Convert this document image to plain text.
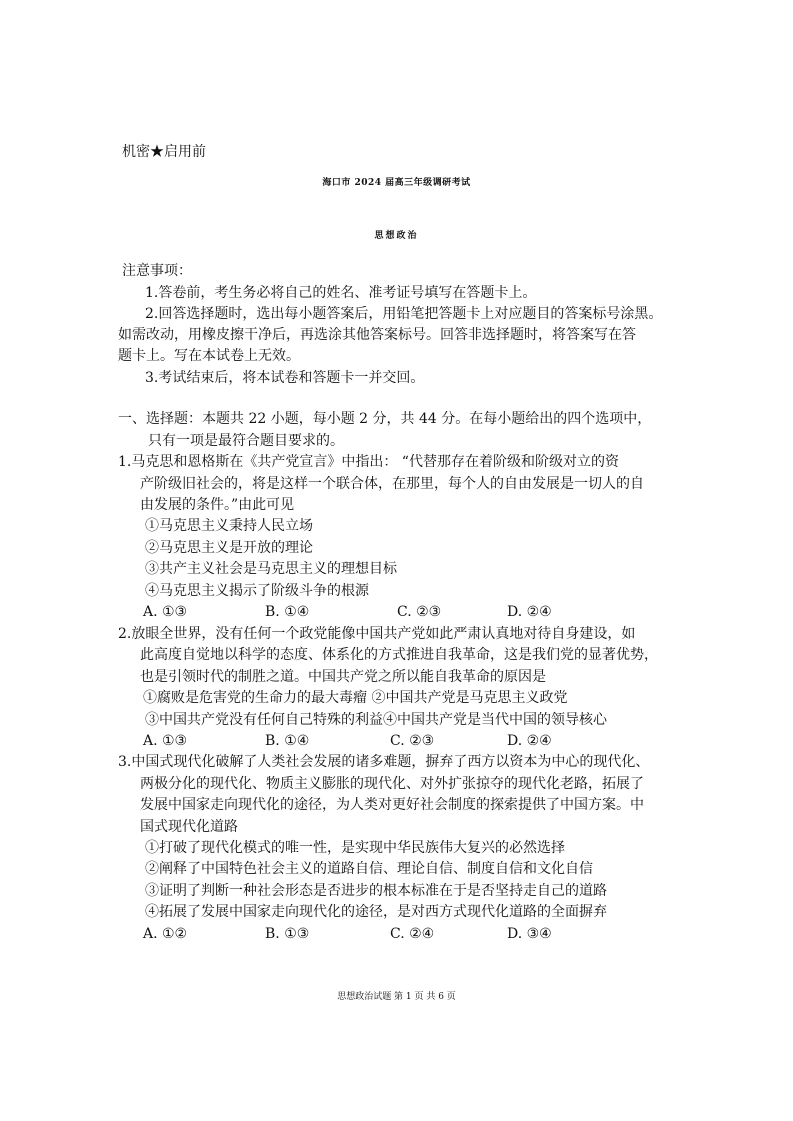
机密★启用前
海口市 2024 届高三年级调研考试
思想政治
注意事项：
1.答卷前，考生务必将自己的姓名、准考证号填写在答题卡上。
2.回答选择题时，选出每小题答案后，用铅笔把答题卡上对应题目的答案标号涂黑。
如需改动，用橡皮擦干净后，再选涂其他答案标号。回答非选择题时，将答案写在答
题卡上。写在本试卷上无效。
3.考试结束后，将本试卷和答题卡一并交回。
一、选择题：本题共 22 小题，每小题 2 分，共 44 分。在每小题给出的四个选项中，
只有一项是最符合题目要求的。
1.马克思和恩格斯在《共产党宣言》中指出： “代替那存在着阶级和阶级对立的资
产阶级旧社会的，将是这样一个联合体，在那里，每个人的自由发展是一切人的自
由发展的条件。”由此可见
①马克思主义秉持人民立场
②马克思主义是开放的理论
③共产主义社会是马克思主义的理想目标
④马克思主义揭示了阶级斗争的根源
A. ①③	B. ①④	C. ②③	D. ②④
2.放眼全世界，没有任何一个政党能像中国共产党如此严肃认真地对待自身建设，如
此高度自觉地以科学的态度、体系化的方式推进自我革命，这是我们党的显著优势，
也是引领时代的制胜之道。中国共产党之所以能自我革命的原因是
①腐败是危害党的生命力的最大毒瘤 ②中国共产党是马克思主义政党
③中国共产党没有任何自己特殊的利益④中国共产党是当代中国的领导核心
A. ①③	B. ①④	C. ②③	D. ②④
3.中国式现代化破解了人类社会发展的诸多难题，摒弃了西方以资本为中心的现代化、
两极分化的现代化、物质主义膨胀的现代化、对外扩张掠夺的现代化老路，拓展了
发展中国家走向现代化的途径，为人类对更好社会制度的探索提供了中国方案。中
国式现代化道路
①打破了现代化模式的唯一性，是实现中华民族伟大复兴的必然选择
②阐释了中国特色社会主义的道路自信、理论自信、制度自信和文化自信
③证明了判断一种社会形态是否进步的根本标准在于是否坚持走自己的道路
④拓展了发展中国家走向现代化的途径，是对西方式现代化道路的全面摒弃
A. ①②	B. ①③	C. ②④	D. ③④
思想政治试题 第 1 页 共 6 页
